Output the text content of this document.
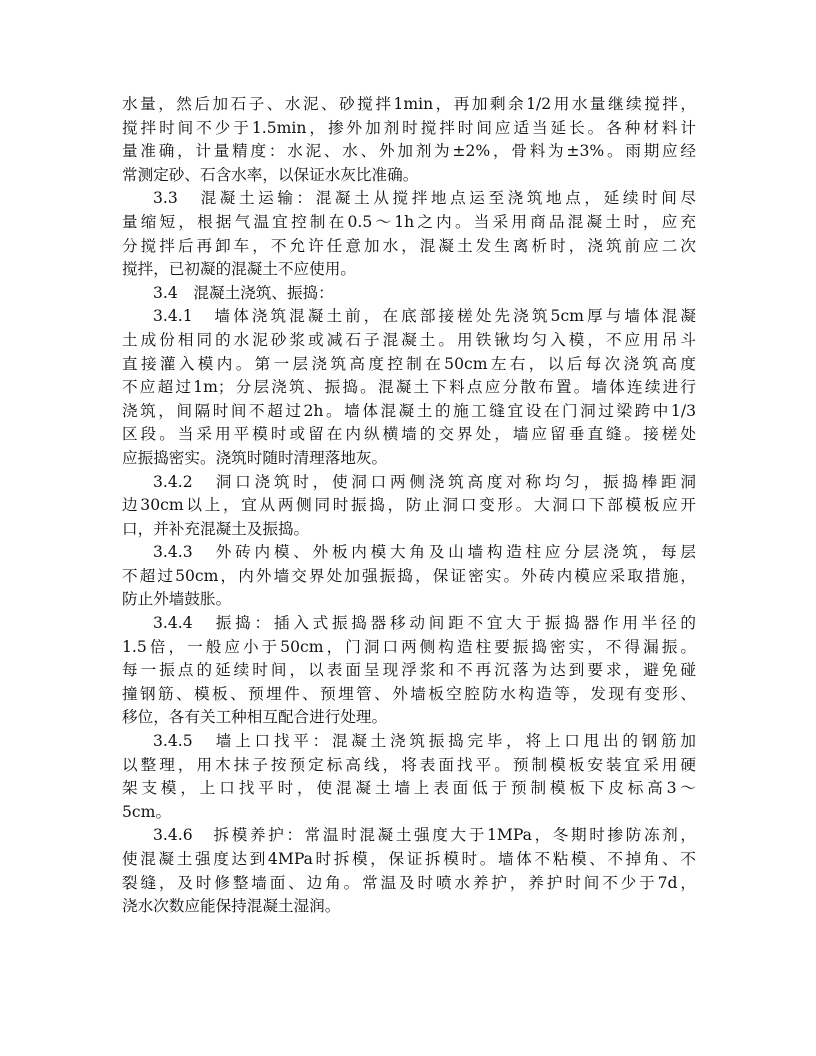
水量，然后加石子、水泥、砂搅拌1min，再加剩余1/2用水量继续搅拌，
搅拌时间不少于1.5min，掺外加剂时搅拌时间应适当延长。各种材料计
量准确，计量精度：水泥、水、外加剂为±2%，骨料为±3%。雨期应经
常测定砂、石含水率，以保证水灰比准确。
3.3　混凝土运输：混凝土从搅拌地点运至浇筑地点，延续时间尽
量缩短，根据气温宜控制在0.5～1h之内。当采用商品混凝土时，应充
分搅拌后再卸车，不允许任意加水，混凝土发生离析时，浇筑前应二次
搅拌，已初凝的混凝土不应使用。
3.4　混凝土浇筑、振捣：
3.4.1　墙体浇筑混凝土前，在底部接槎处先浇筑5cm厚与墙体混凝
土成份相同的水泥砂浆或减石子混凝土。用铁锹均匀入模，不应用吊斗
直接灌入模内。第一层浇筑高度控制在50cm左右，以后每次浇筑高度
不应超过1m；分层浇筑、振捣。混凝土下料点应分散布置。墙体连续进行
浇筑，间隔时间不超过2h。墙体混凝土的施工缝宜设在门洞过梁跨中1/3
区段。当采用平模时或留在内纵横墙的交界处，墙应留垂直缝。接槎处
应振捣密实。浇筑时随时清理落地灰。
3.4.2　洞口浇筑时，使洞口两侧浇筑高度对称均匀，振捣棒距洞
边30cm以上，宜从两侧同时振捣，防止洞口变形。大洞口下部模板应开
口，并补充混凝土及振捣。
3.4.3　外砖内模、外板内模大角及山墙构造柱应分层浇筑，每层
不超过50cm，内外墙交界处加强振捣，保证密实。外砖内模应采取措施，
防止外墙鼓胀。
3.4.4　振捣：插入式振捣器移动间距不宜大于振捣器作用半径的
1.5倍，一般应小于50cm，门洞口两侧构造柱要振捣密实，不得漏振。
每一振点的延续时间，以表面呈现浮浆和不再沉落为达到要求，避免碰
撞钢筋、模板、预埋件、预埋管、外墙板空腔防水构造等，发现有变形、
移位，各有关工种相互配合进行处理。
3.4.5　墙上口找平：混凝土浇筑振捣完毕，将上口甩出的钢筋加
以整理，用木抹子按预定标高线，将表面找平。预制模板安装宜采用硬
架支模，上口找平时，使混凝土墙上表面低于预制模板下皮标高3～
5cm。
3.4.6　拆模养护：常温时混凝土强度大于1MPa，冬期时掺防冻剂，
使混凝土强度达到4MPa时拆模，保证拆模时。墙体不粘模、不掉角、不
裂缝，及时修整墙面、边角。常温及时喷水养护，养护时间不少于7d，
浇水次数应能保持混凝土湿润。
